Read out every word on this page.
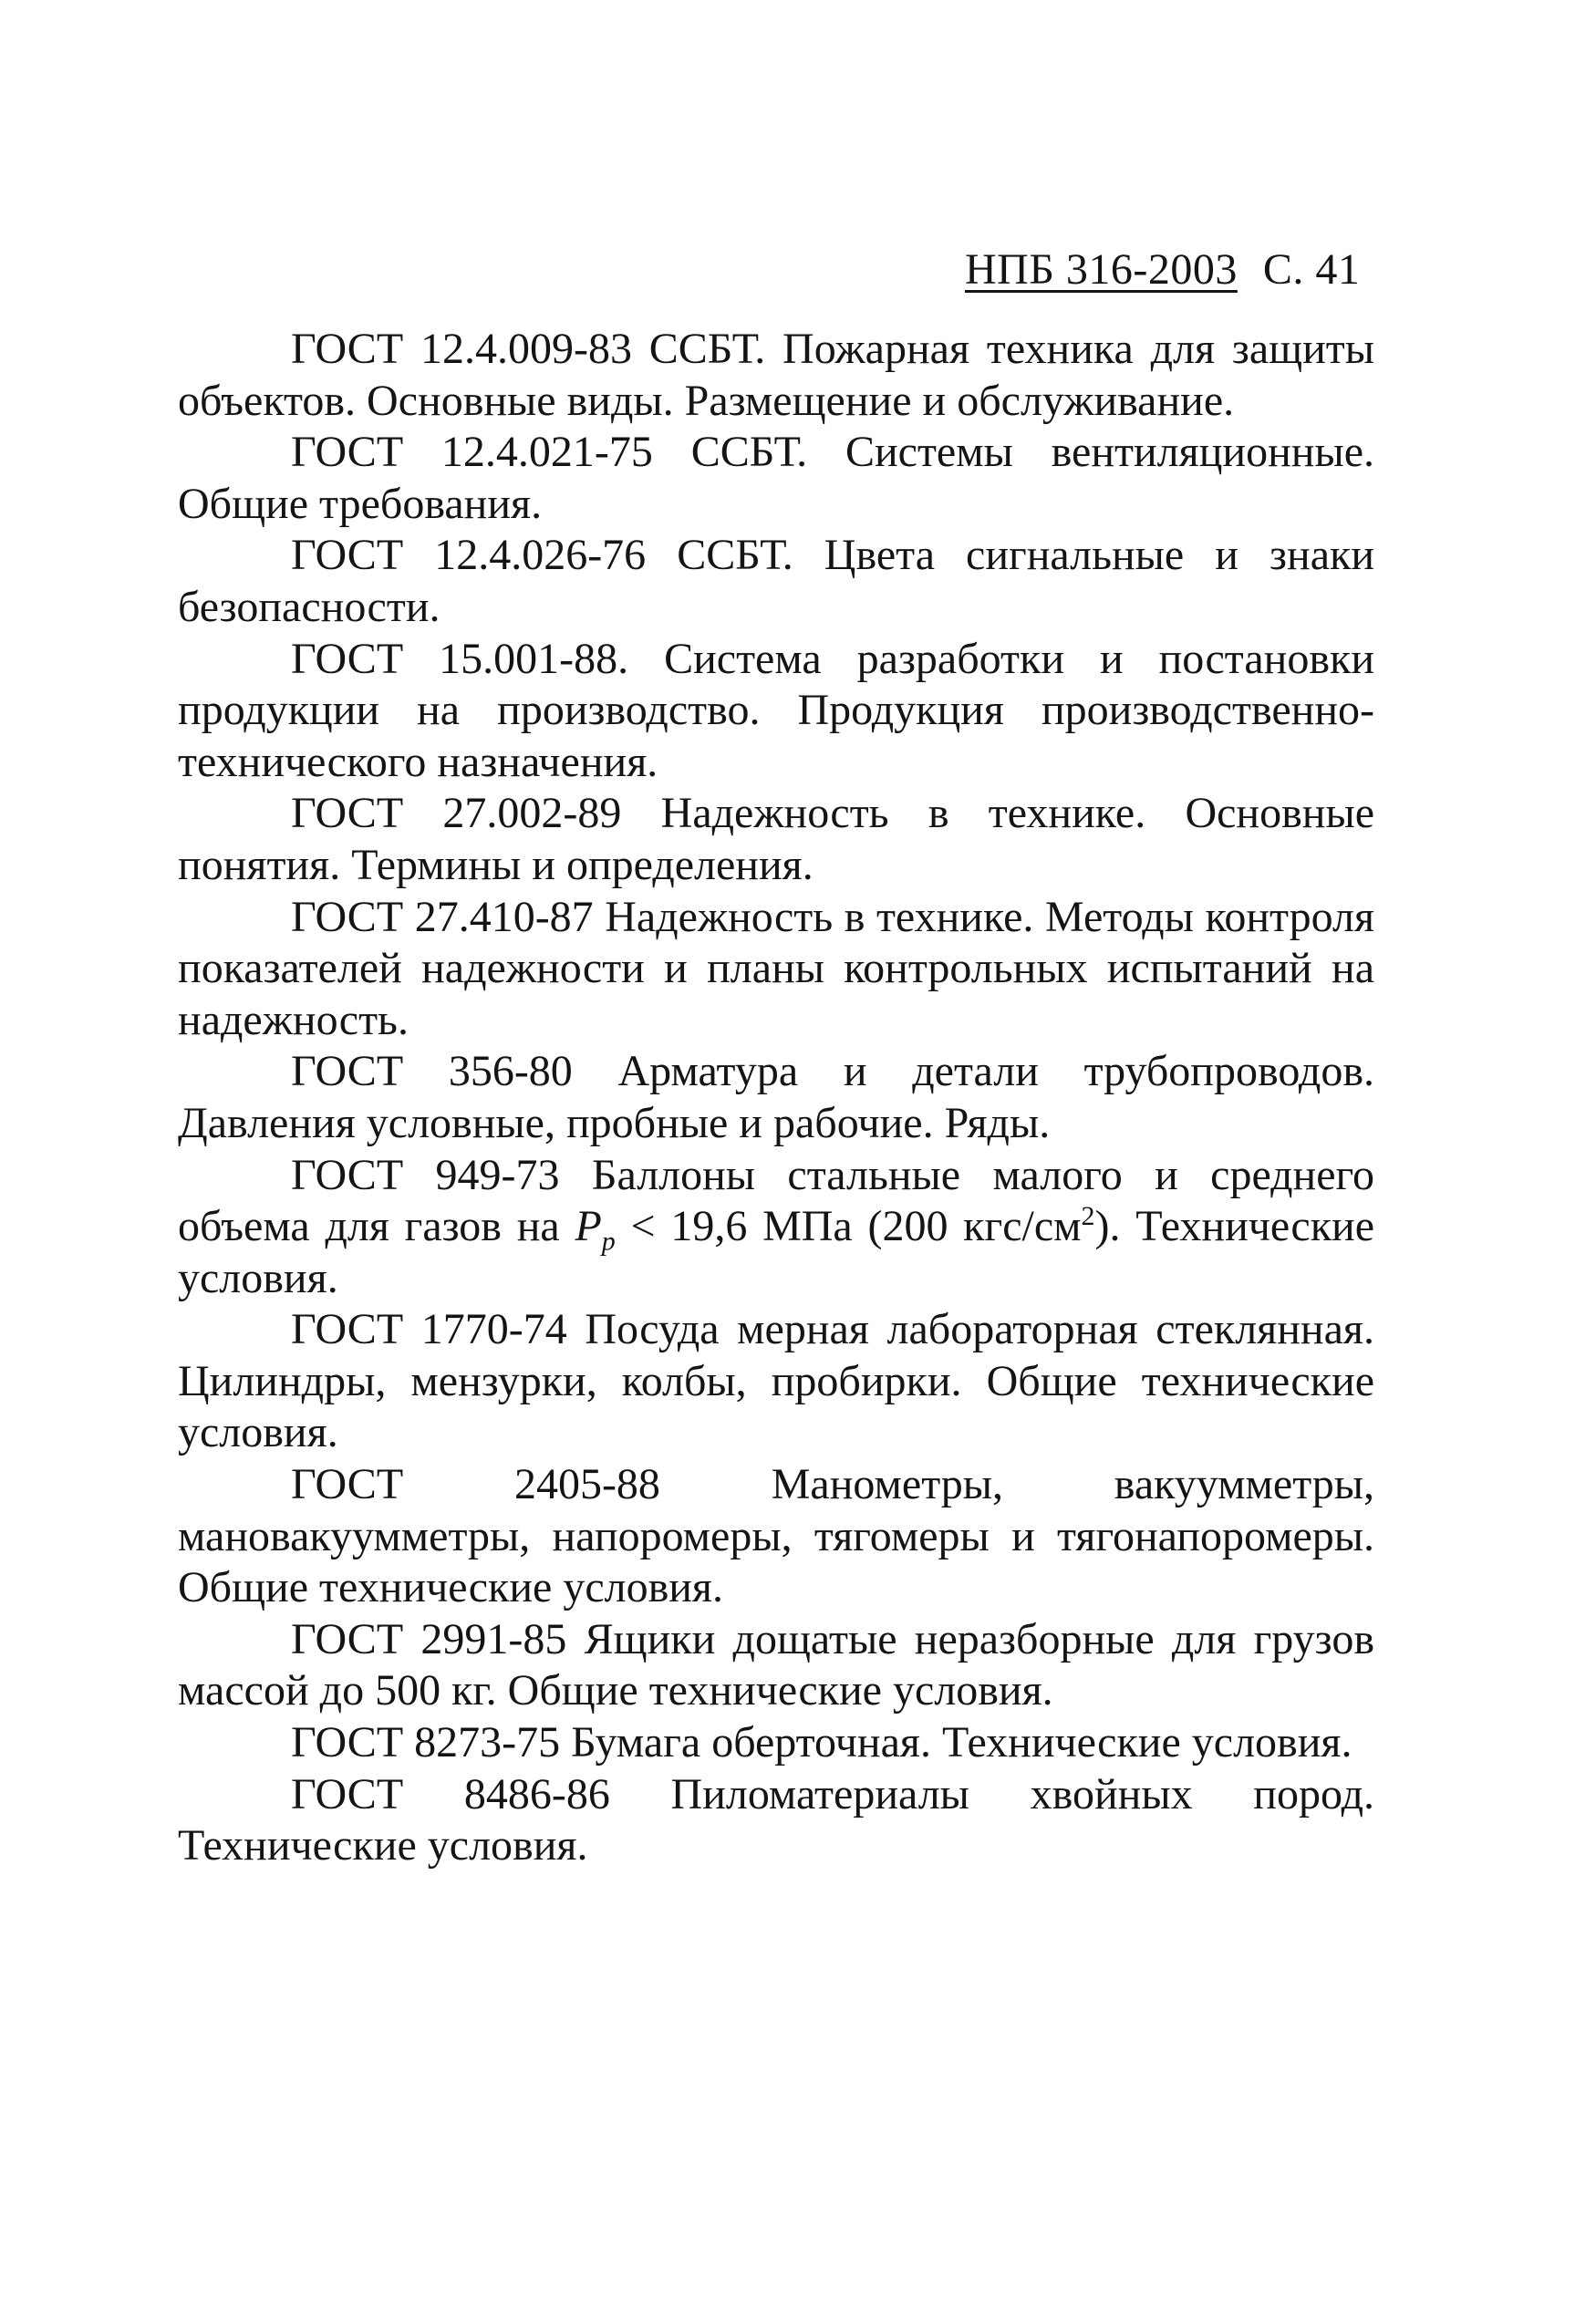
НПБ 316-2003 С. 41

ГОСТ 12.4.009-83 ССБТ. Пожарная техника для защиты объектов. Основные виды. Размещение и обслуживание.

ГОСТ 12.4.021-75 ССБТ. Системы вентиляционные. Общие требования.

ГОСТ 12.4.026-76 ССБТ. Цвета сигнальные и знаки безопасности.

ГОСТ 15.001-88. Система разработки и постановки продукции на производство. Продукция производственно-технического назначения.

ГОСТ 27.002-89 Надежность в технике. Основные понятия. Термины и определения.

ГОСТ 27.410-87 Надежность в технике. Методы контроля показателей надежности и планы контрольных испытаний на надежность.

ГОСТ 356-80 Арматура и детали трубопроводов. Давления условные, пробные и рабочие. Ряды.

ГОСТ 949-73 Баллоны стальные малого и среднего объема для газов на $P_p < 19,6$ МПа (200 кгс/$см^2$). Технические условия.

ГОСТ 1770-74 Посуда мерная лабораторная стеклянная. Цилиндры, мензурки, колбы, пробирки. Общие технические условия.

ГОСТ 2405-88	Манометры, вакуумметры, мановакуумметры, напоромеры, тягомеры и тягонапоромеры. Общие технические условия.

ГОСТ 2991-85 Ящики дощатые неразборные для грузов массой до 500 кг. Общие технические условия.

ГОСТ 8273-75 Бумага оберточная. Технические условия.

ГОСТ 8486-86 Пиломатериалы хвойных пород. Технические условия.
